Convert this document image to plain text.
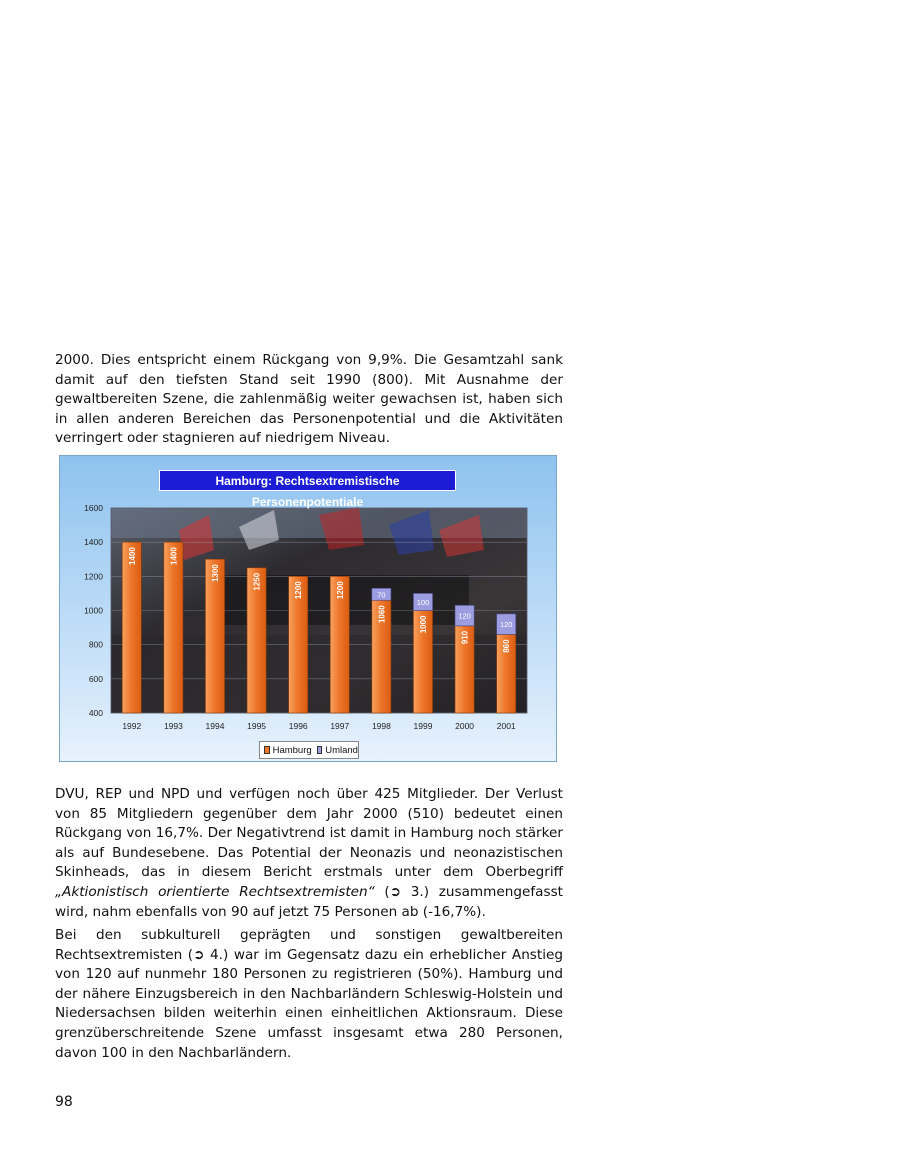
2000. Dies entspricht einem Rückgang von 9,9%. Die Gesamtzahl sank damit auf den tiefsten Stand seit 1990 (800). Mit Ausnahme der gewaltbereiten Szene, die zahlenmäßig weiter gewachsen ist, haben sich in allen anderen Bereichen das Personenpotential und die Aktivitäten verringert oder stagnieren auf niedrigem Niveau.

400
600
800
1000
1200
1400
1600
1400	1400
1300	1250	1200	1200
1060
70
1000
100
910
120
860
120
1992	1993	1994	1995	1996	1997	1998	1999	2000	2001
Hamburg: Rechtsextremistische Personenpotentiale
Hamburg Umland

DVU, REP und NPD und verfügen noch über 425 Mitglieder. Der Verlust von 85 Mitgliedern gegenüber dem Jahr 2000 (510) bedeutet einen Rückgang von 16,7%. Der Negativtrend ist damit in Hamburg noch stärker als auf Bundesebene. Das Potential der Neonazis und neonazistischen Skinheads, das in diesem Bericht erstmals unter dem Oberbegriff „Aktionistisch orientierte Rechtsextremisten“ (➲ 3.) zusammengefasst wird, nahm ebenfalls von 90 auf jetzt 75 Personen ab (-16,7%).

Bei den subkulturell geprägten und sonstigen gewaltbereiten Rechtsextremisten (➲ 4.) war im Gegensatz dazu ein erheblicher Anstieg von 120 auf nunmehr 180 Personen zu registrieren (50%). Hamburg und der nähere Einzugsbereich in den Nachbarländern Schleswig-Holstein und Niedersachsen bilden weiterhin einen einheitlichen Aktionsraum. Diese grenzüberschreitende Szene umfasst insgesamt etwa 280 Personen, davon 100 in den Nachbarländern.

98
